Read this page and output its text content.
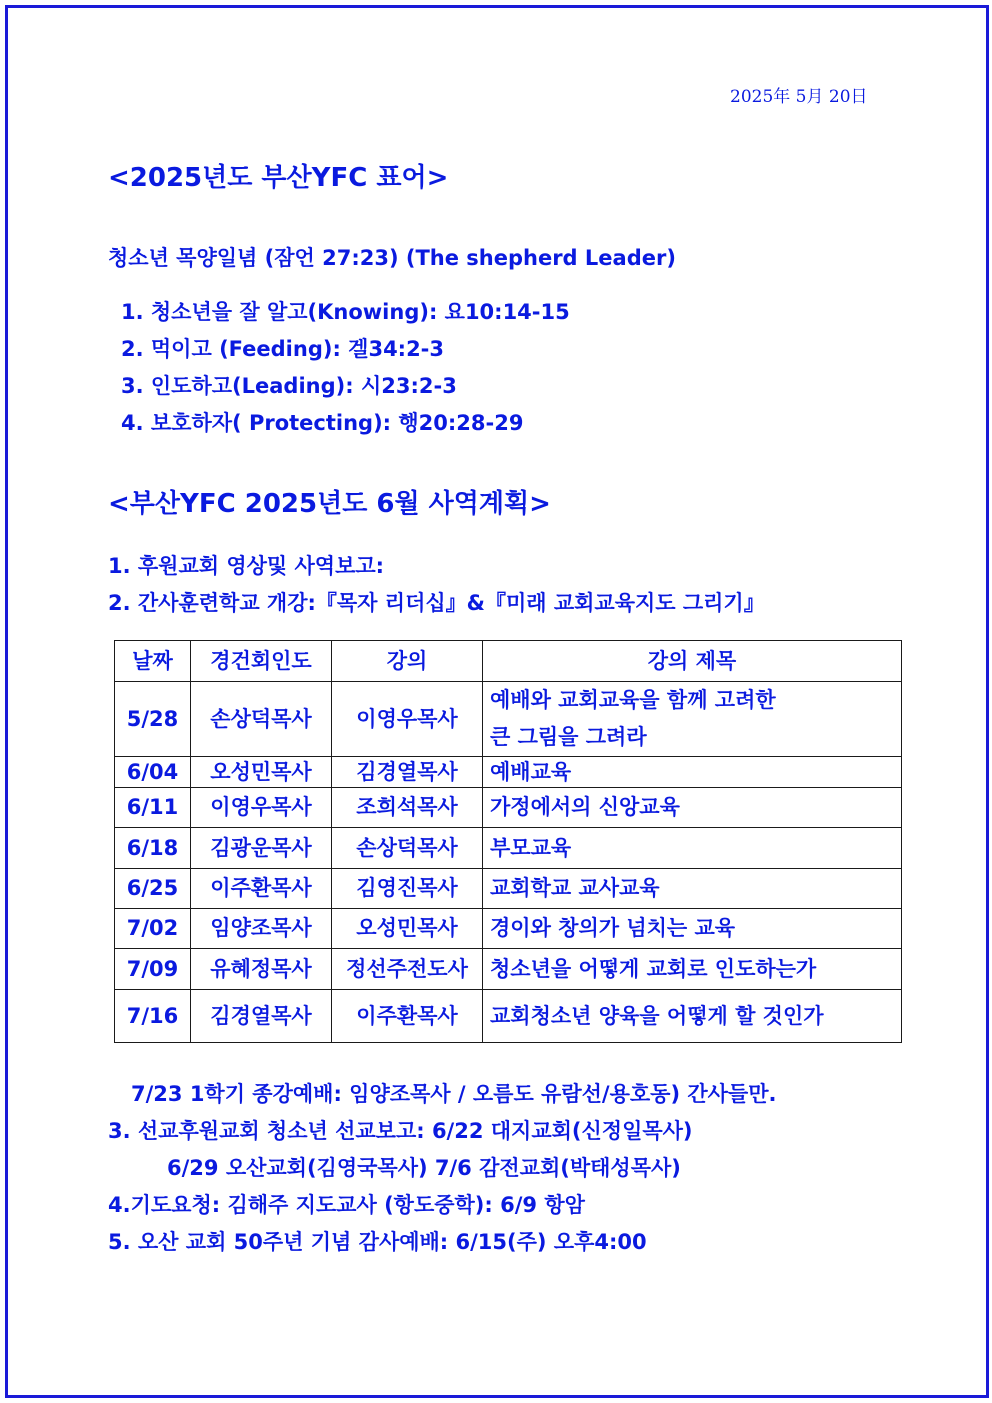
2025年 5月 20日
<2025년도 부산YFC 표어>
청소년 목양일념 (잠언 27:23) (The shepherd Leader)
1. 청소년을 잘 알고(Knowing): 요10:14-15
2. 먹이고 (Feeding): 겔34:2-3
3. 인도하고(Leading): 시23:2-3
4. 보호하자( Protecting): 행20:28-29
<부산YFC 2025년도 6월 사역계획>
1. 후원교회 영상및 사역보고:
2. 간사훈련학교 개강:『목자 리더십』&『미래 교회교육지도 그리기』
날짜	경건회인도	강의	강의 제목
5/28	손상덕목사	이영우목사	예배와 교회교육을 함께 고려한
큰 그림을 그려라

6/04	오성민목사	김경열목사	예배교육
6/11	이영우목사	조희석목사	가정에서의 신앙교육
6/18	김광운목사	손상덕목사	부모교육
6/25	이주환목사	김영진목사	교회학교 교사교육
7/02	임양조목사	오성민목사	경이와 창의가 넘치는 교육
7/09	유혜정목사	정선주전도사	청소년을 어떻게 교회로 인도하는가
7/16	김경열목사	이주환목사	교회청소년 양육을 어떻게 할 것인가
7/23 1학기 종강예배: 임양조목사 / 오름도 유람선/용호동) 간사들만.
3. 선교후원교회 청소년 선교보고: 6/22 대지교회(신정일목사)
6/29 오산교회(김영국목사) 7/6 감전교회(박태성목사)
4.기도요청: 김해주 지도교사 (항도중학): 6/9 항암
5. 오산 교회 50주년 기념 감사예배: 6/15(주) 오후4:00
